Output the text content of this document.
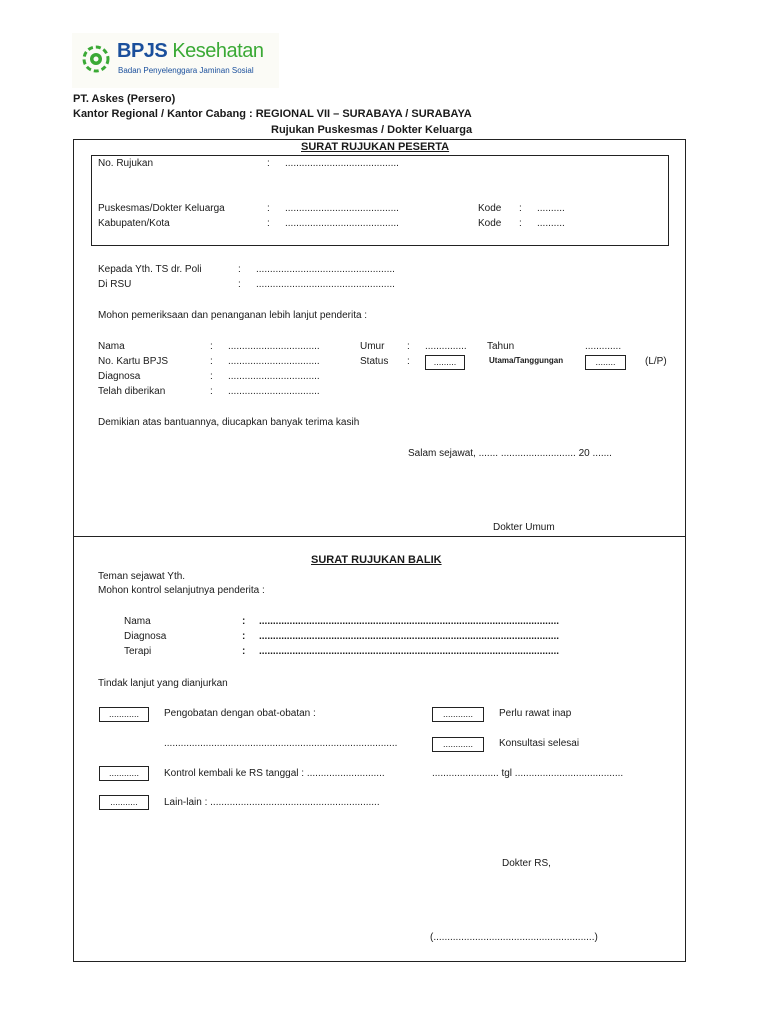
BPJS Kesehatan
Badan Penyelenggara Jaminan Sosial
PT. Askes (Persero)
Kantor Regional / Kantor Cabang : REGIONAL VII – SURABAYA / SURABAYA
Rujukan Puskesmas / Dokter Keluarga
SURAT RUJUKAN PESERTA
No. Rujukan	: .........................................
Puskesmas/Dokter Keluarga	: .........................................	Kode : ..........
Kabupaten/Kota	: .........................................	Kode : ..........
Kepada Yth. TS dr. Poli	: ..................................................
Di RSU	: ..................................................
Mohon pemeriksaan dan penanganan lebih lanjut penderita :
Nama	: .................................	Umur : ............... Tahun	.............
No. Kartu BPJS	: .................................	Status :	.........	Utama/Tanggungan	........	(L/P)
Diagnosa	: .................................
Telah diberikan	: .................................
Demikian atas bantuannya, diucapkan banyak terima kasih
Salam sejawat, ....... ........................... 20 .......
Dokter Umum
SURAT RUJUKAN BALIK
Teman sejawat Yth.
Mohon kontrol selanjutnya penderita :
Nama	: ............................................................................................................
Diagnosa	: ............................................................................................................
Terapi	: ............................................................................................................
Tindak lanjut yang dianjurkan
............	Pengobatan dengan obat-obatan :	............	Perlu rawat inap
....................................................................................	............	Konsultasi selesai
............	Kontrol kembali ke RS tanggal : ............................	........................ tgl .......................................
...........	Lain-lain : .............................................................
Dokter RS,
(..........................................................)
